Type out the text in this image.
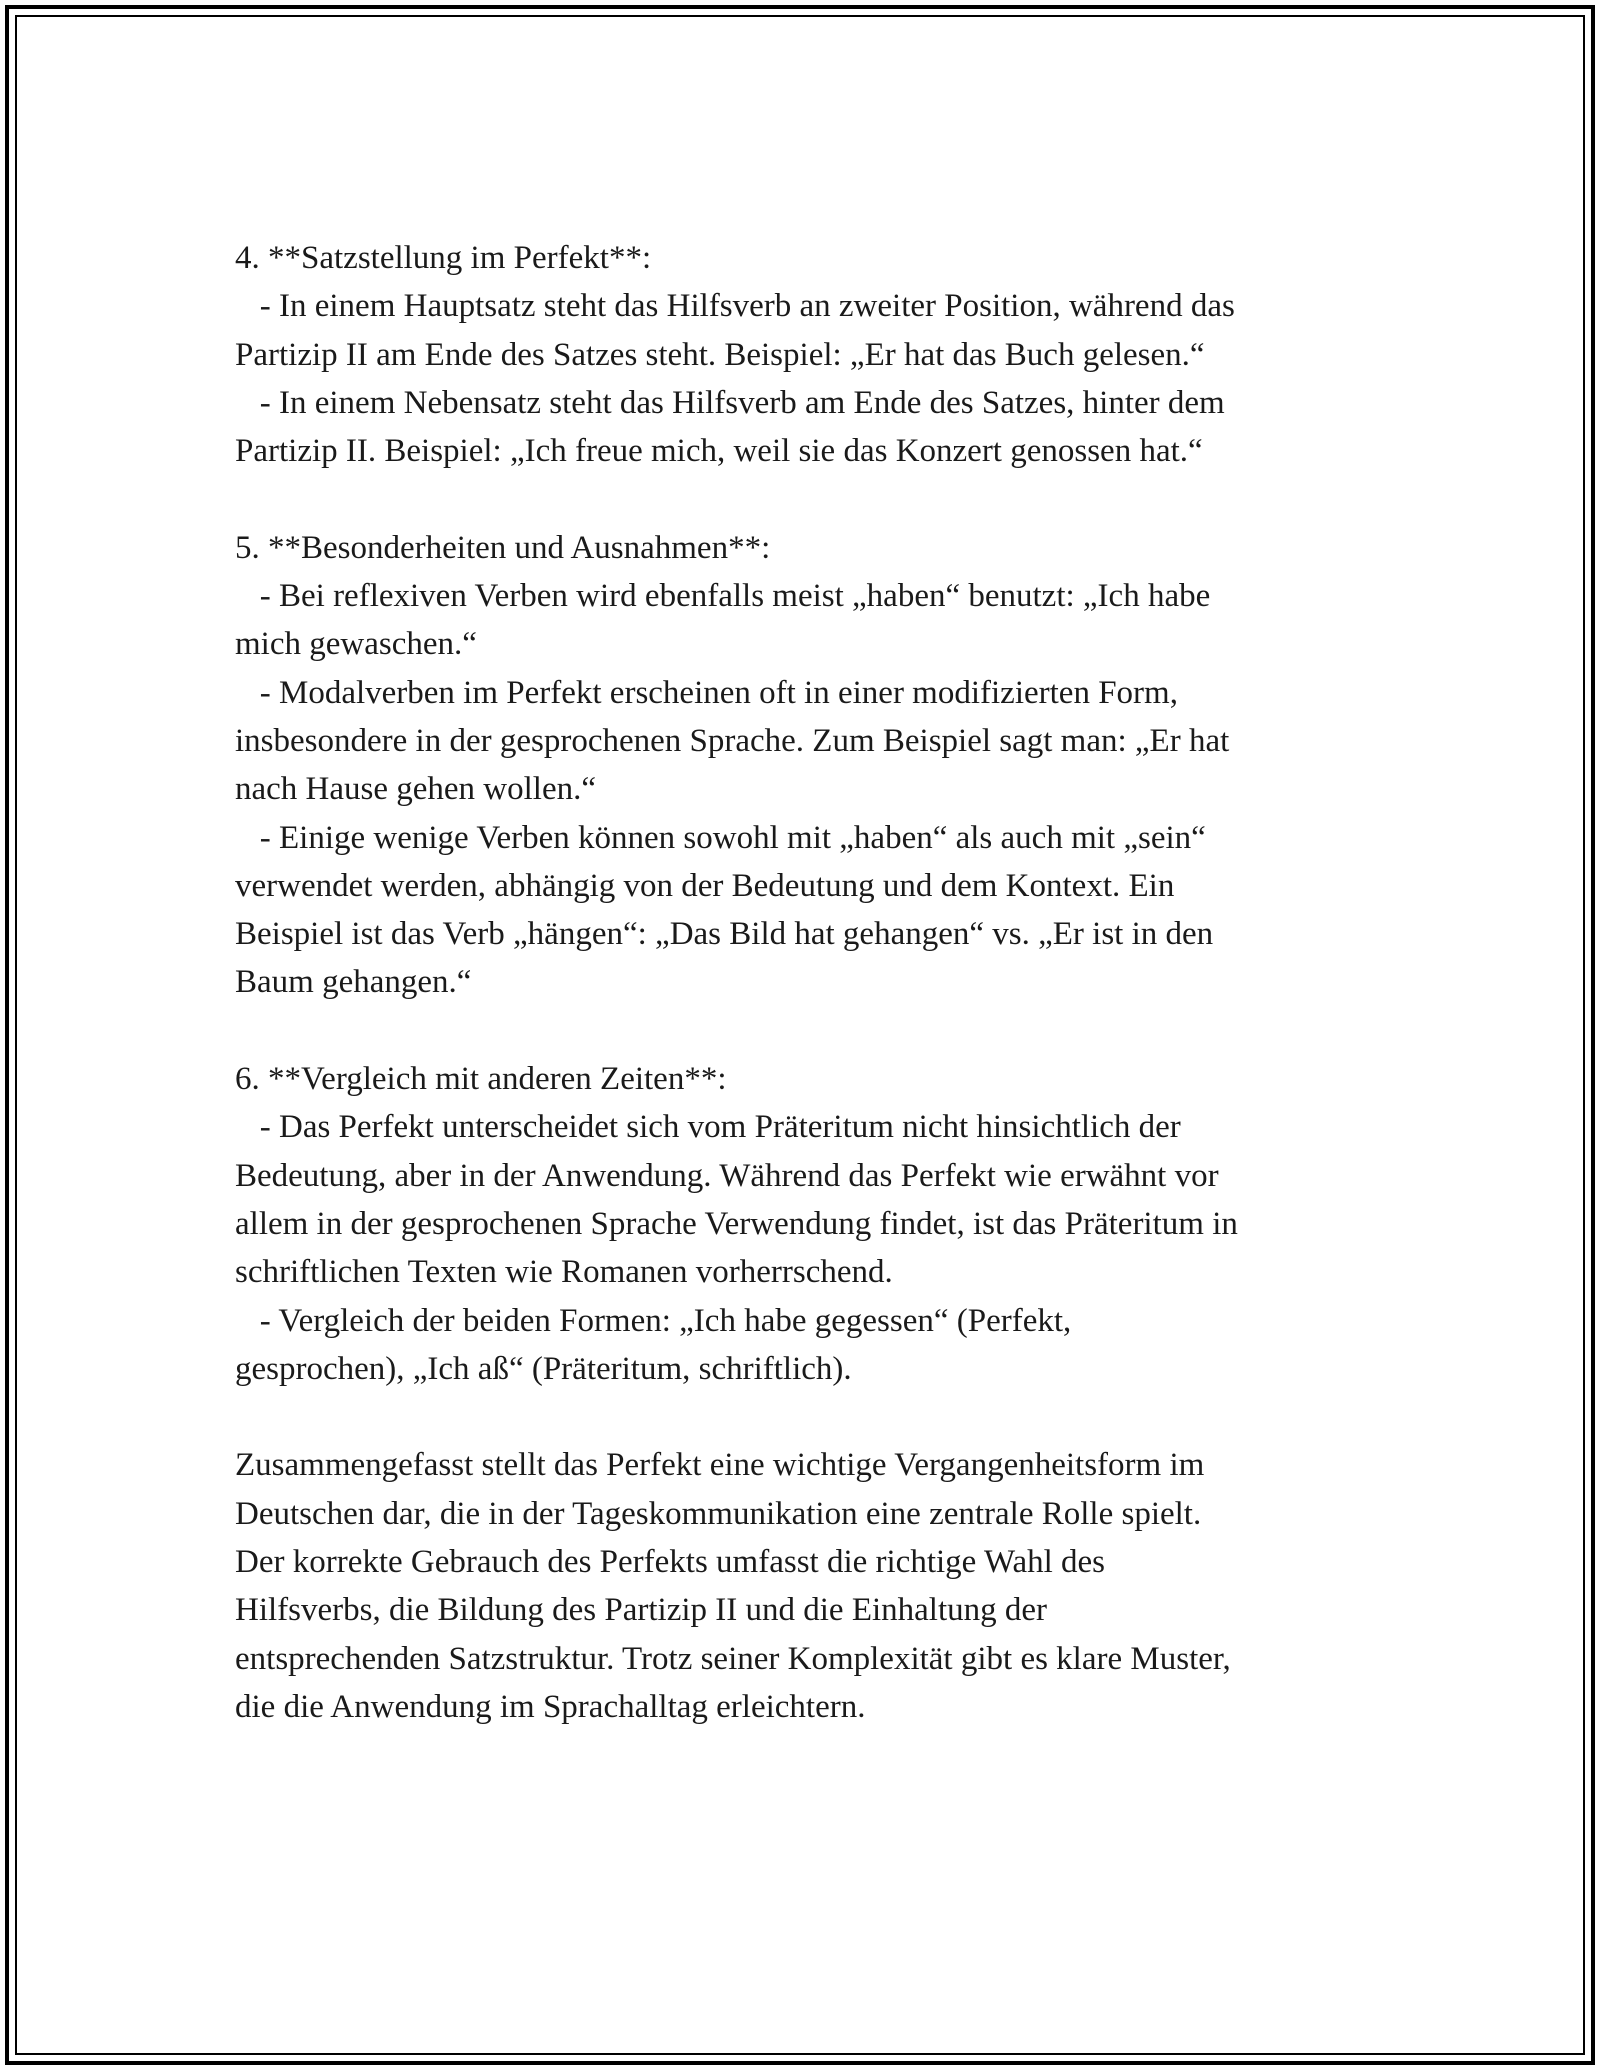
4. **Satzstellung im Perfekt**:
- In einem Hauptsatz steht das Hilfsverb an zweiter Position, während das
Partizip II am Ende des Satzes steht. Beispiel: „Er hat das Buch gelesen.“
- In einem Nebensatz steht das Hilfsverb am Ende des Satzes, hinter dem
Partizip II. Beispiel: „Ich freue mich, weil sie das Konzert genossen hat.“
5. **Besonderheiten und Ausnahmen**:
- Bei reflexiven Verben wird ebenfalls meist „haben“ benutzt: „Ich habe
mich gewaschen.“
- Modalverben im Perfekt erscheinen oft in einer modifizierten Form,
insbesondere in der gesprochenen Sprache. Zum Beispiel sagt man: „Er hat
nach Hause gehen wollen.“
- Einige wenige Verben können sowohl mit „haben“ als auch mit „sein“
verwendet werden, abhängig von der Bedeutung und dem Kontext. Ein
Beispiel ist das Verb „hängen“: „Das Bild hat gehangen“ vs. „Er ist in den
Baum gehangen.“
6. **Vergleich mit anderen Zeiten**:
- Das Perfekt unterscheidet sich vom Präteritum nicht hinsichtlich der
Bedeutung, aber in der Anwendung. Während das Perfekt wie erwähnt vor
allem in der gesprochenen Sprache Verwendung findet, ist das Präteritum in
schriftlichen Texten wie Romanen vorherrschend.
- Vergleich der beiden Formen: „Ich habe gegessen“ (Perfekt,
gesprochen), „Ich aß“ (Präteritum, schriftlich).
Zusammengefasst stellt das Perfekt eine wichtige Vergangenheitsform im
Deutschen dar, die in der Tageskommunikation eine zentrale Rolle spielt.
Der korrekte Gebrauch des Perfekts umfasst die richtige Wahl des
Hilfsverbs, die Bildung des Partizip II und die Einhaltung der
entsprechenden Satzstruktur. Trotz seiner Komplexität gibt es klare Muster,
die die Anwendung im Sprachalltag erleichtern.
